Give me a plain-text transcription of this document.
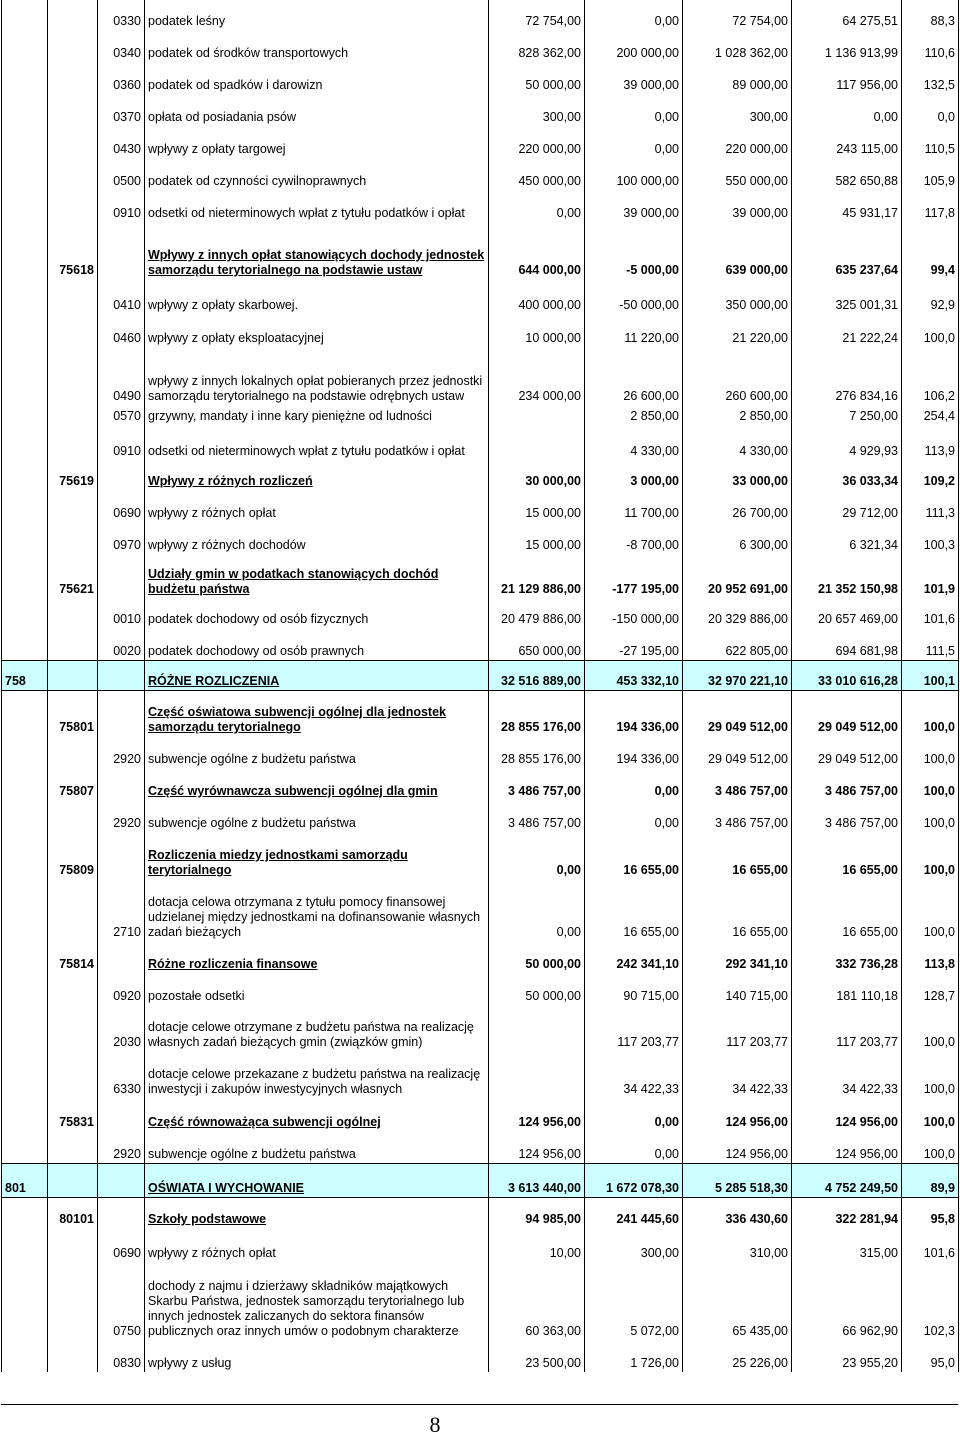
		0330	podatek leśny	72 754,00	0,00	72 754,00	64 275,51	88,3
		0340	podatek od środków transportowych	828 362,00	200 000,00	1 028 362,00	1 136 913,99	110,6
		0360	podatek od spadków i darowizn	50 000,00	39 000,00	89 000,00	117 956,00	132,5
		0370	opłata od posiadania psów	300,00	0,00	300,00	0,00	0,0
		0430	wpływy z opłaty targowej	220 000,00	0,00	220 000,00	243 115,00	110,5
		0500	podatek od czynności cywilnoprawnych	450 000,00	100 000,00	550 000,00	582 650,88	105,9
		0910	odsetki od nieterminowych wpłat z tytułu podatków i opłat	0,00	39 000,00	39 000,00	45 931,17	117,8
	75618		Wpływy z innych opłat stanowiących dochody jednostek samorządu terytorialnego na podstawie ustaw	644 000,00	-5 000,00	639 000,00	635 237,64	99,4
		0410	wpływy z opłaty skarbowej.	400 000,00	-50 000,00	350 000,00	325 001,31	92,9
		0460	wpływy z opłaty eksploatacyjnej	10 000,00	11 220,00	21 220,00	21 222,24	100,0
		0490	wpływy z innych lokalnych opłat pobieranych przez jednostki samorządu terytorialnego na podstawie odrębnych ustaw	234 000,00	26 600,00	260 600,00	276 834,16	106,2
		0570	grzywny, mandaty i inne kary pieniężne od ludności		2 850,00	2 850,00	7 250,00	254,4
		0910	odsetki od nieterminowych wpłat z tytułu podatków i opłat		4 330,00	4 330,00	4 929,93	113,9
	75619		Wpływy z różnych rozliczeń	30 000,00	3 000,00	33 000,00	36 033,34	109,2
		0690	wpływy z różnych opłat	15 000,00	11 700,00	26 700,00	29 712,00	111,3
		0970	wpływy z różnych dochodów	15 000,00	-8 700,00	6 300,00	6 321,34	100,3
	75621		Udziały gmin w podatkach stanowiących dochód budżetu państwa	21 129 886,00	-177 195,00	20 952 691,00	21 352 150,98	101,9
		0010	podatek dochodowy od osób fizycznych	20 479 886,00	-150 000,00	20 329 886,00	20 657 469,00	101,6
		0020	podatek dochodowy od osób prawnych	650 000,00	-27 195,00	622 805,00	694 681,98	111,5
758			RÓŻNE ROZLICZENIA	32 516 889,00	453 332,10	32 970 221,10	33 010 616,28	100,1
	75801		Część oświatowa subwencji ogólnej dla jednostek samorządu terytorialnego	28 855 176,00	194 336,00	29 049 512,00	29 049 512,00	100,0
		2920	subwencje ogólne z budżetu państwa	28 855 176,00	194 336,00	29 049 512,00	29 049 512,00	100,0
	75807		Część wyrównawcza subwencji ogólnej dla gmin	3 486 757,00	0,00	3 486 757,00	3 486 757,00	100,0
		2920	subwencje ogólne z budżetu państwa	3 486 757,00	0,00	3 486 757,00	3 486 757,00	100,0
	75809		Rozliczenia miedzy jednostkami samorządu terytorialnego	0,00	16 655,00	16 655,00	16 655,00	100,0
		2710	dotacja celowa otrzymana z tytułu pomocy finansowej udzielanej między jednostkami na dofinansowanie własnych zadań bieżących	0,00	16 655,00	16 655,00	16 655,00	100,0
	75814		Różne rozliczenia finansowe	50 000,00	242 341,10	292 341,10	332 736,28	113,8
		0920	pozostałe odsetki	50 000,00	90 715,00	140 715,00	181 110,18	128,7
		2030	dotacje celowe otrzymane z budżetu państwa na realizację własnych zadań bieżących gmin (związków gmin)		117 203,77	117 203,77	117 203,77	100,0
		6330	dotacje celowe przekazane z budżetu państwa na realizację inwestycji i zakupów inwestycyjnych własnych		34 422,33	34 422,33	34 422,33	100,0
	75831		Część równoważąca subwencji ogólnej	124 956,00	0,00	124 956,00	124 956,00	100,0
		2920	subwencje ogólne z budżetu państwa	124 956,00	0,00	124 956,00	124 956,00	100,0
801			OŚWIATA I WYCHOWANIE	3 613 440,00	1 672 078,30	5 285 518,30	4 752 249,50	89,9
	80101		Szkoły podstawowe	94 985,00	241 445,60	336 430,60	322 281,94	95,8
		0690	wpływy z różnych opłat	10,00	300,00	310,00	315,00	101,6
		0750	dochody z najmu i dzierżawy składników majątkowych Skarbu Państwa, jednostek samorządu terytorialnego lub innych jednostek zaliczanych do sektora finansów publicznych oraz innych umów o podobnym charakterze	60 363,00	5 072,00	65 435,00	66 962,90	102,3
		0830	wpływy z usług	23 500,00	1 726,00	25 226,00	23 955,20	95,0
8
